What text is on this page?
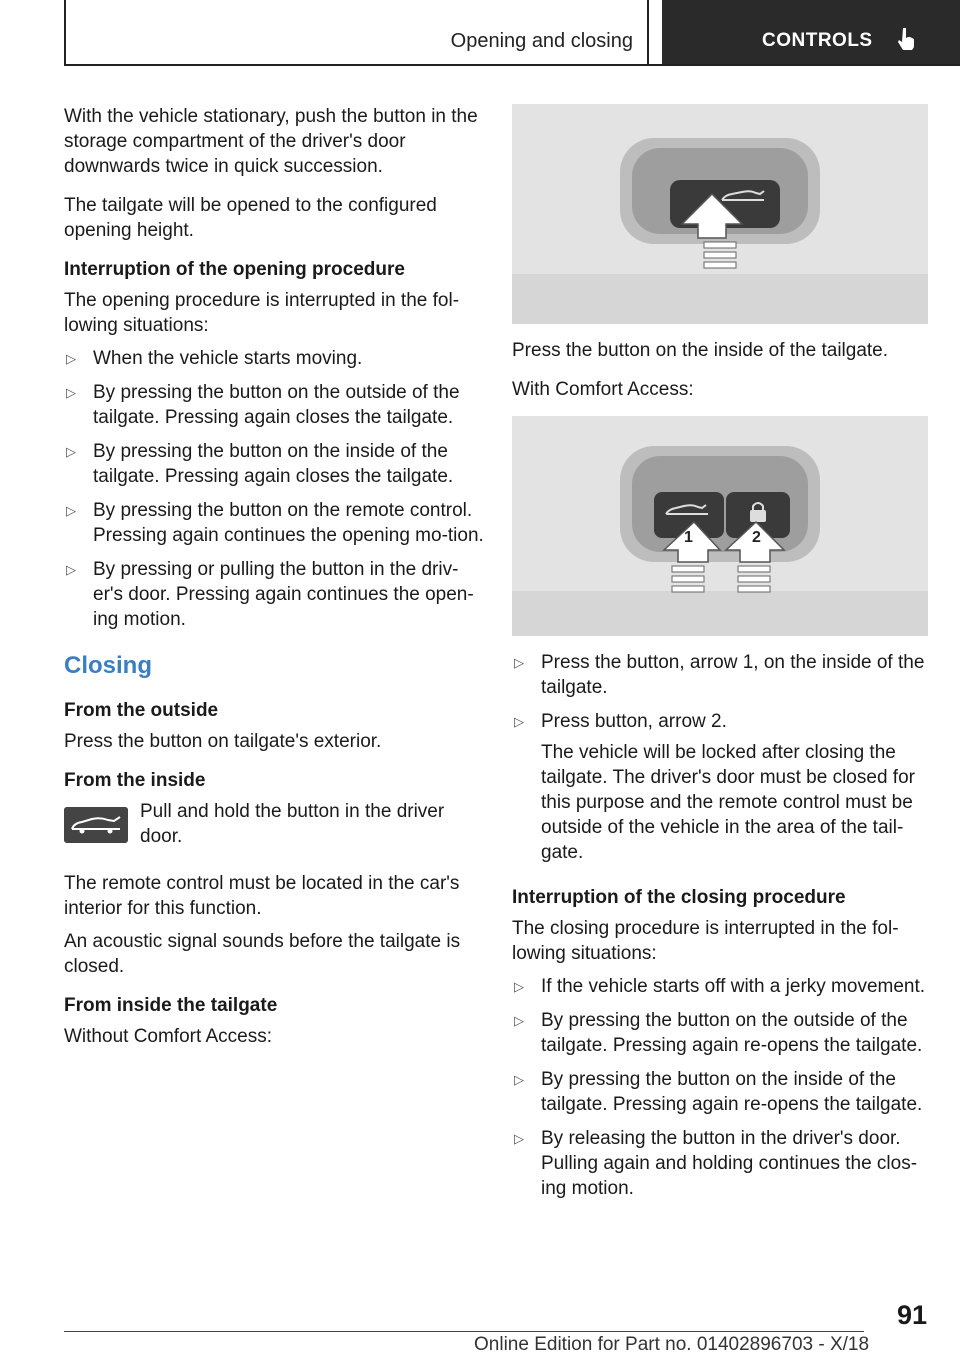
Opening and closing	CONTROLS

With the vehicle stationary, push the button in the storage compartment of the driver's door downwards twice in quick succession.

The tailgate will be opened to the configured opening height.

Interruption of the opening procedure

The opening procedure is interrupted in the fol-lowing situations:

▷ When the vehicle starts moving.
▷ By pressing the button on the outside of the tailgate. Pressing again closes the tailgate.
▷ By pressing the button on the inside of the tailgate. Pressing again closes the tailgate.
▷ By pressing the button on the remote control. Pressing again continues the opening mo-tion.
▷ By pressing or pulling the button in the driv-er's door. Pressing again continues the open-ing motion.
Closing

From the outside

Press the button on tailgate's exterior.

From the inside

Pull and hold the button in the driver door.

The remote control must be located in the car's interior for this function.

An acoustic signal sounds before the tailgate is closed.

From inside the tailgate

Without Comfort Access:

Press the button on the inside of the tailgate.

With Comfort Access:

1	2
▷ Press the button, arrow 1, on the inside of the tailgate.
▷ Press button, arrow 2.

The vehicle will be locked after closing the tailgate. The driver's door must be closed for this purpose and the remote control must be outside of the vehicle in the area of the tail-gate.

Interruption of the closing procedure

The closing procedure is interrupted in the fol-lowing situations:

▷ If the vehicle starts off with a jerky movement.
▷ By pressing the button on the outside of the tailgate. Pressing again re-opens the tailgate.
▷ By pressing the button on the inside of the tailgate. Pressing again re-opens the tailgate.
▷ By releasing the button in the driver's door. Pulling again and holding continues the clos-ing motion.
91
Online Edition for Part no. 01402896703 - X/18
